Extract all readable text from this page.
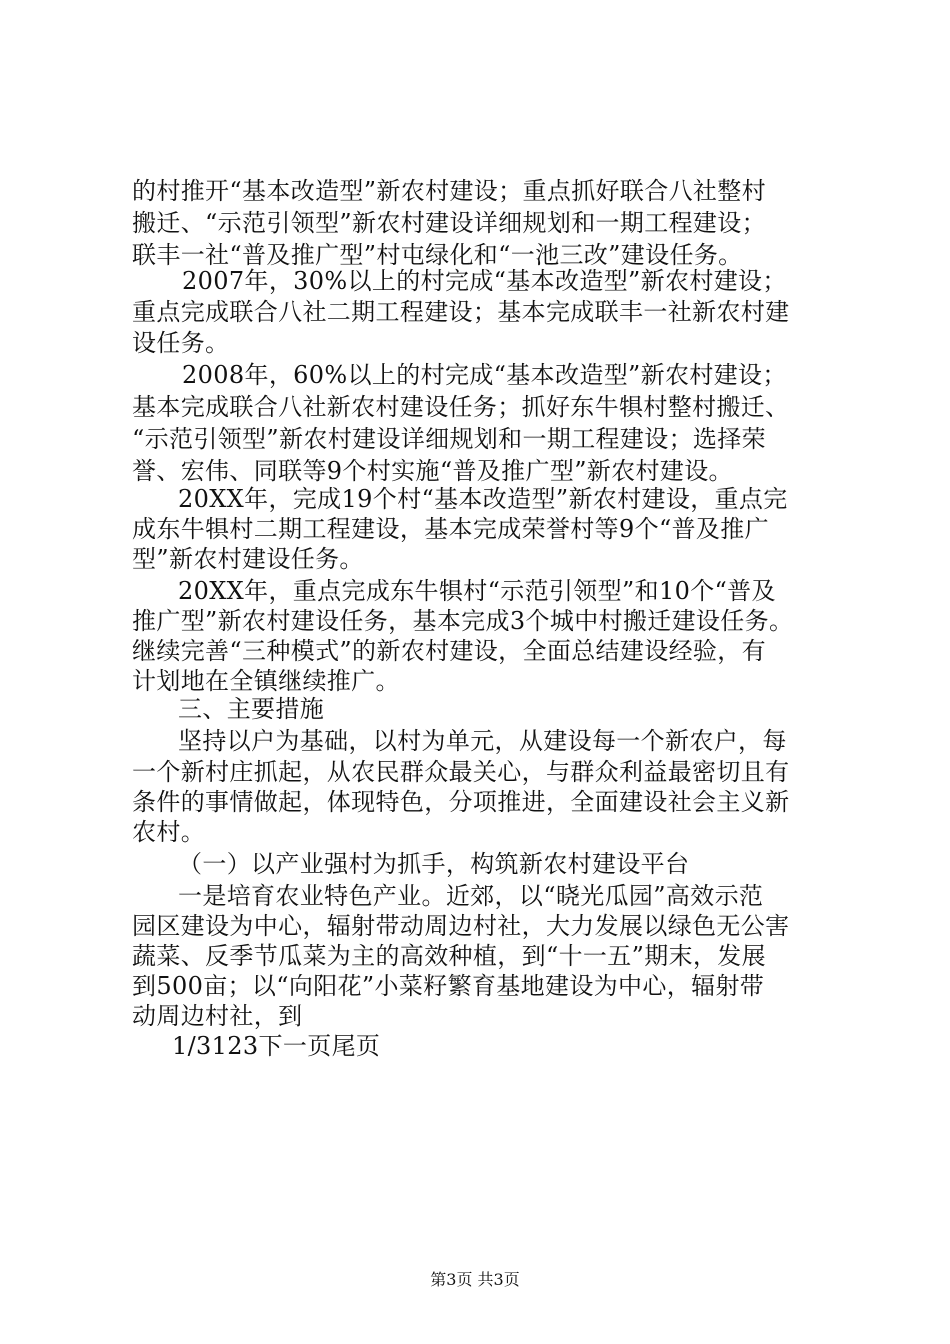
的村推开“基本改造型”新农村建设；重点抓好联合八社整村
搬迁、“示范引领型”新农村建设详细规划和一期工程建设；
联丰一社“普及推广型”村屯绿化和“一池三改”建设任务。
2007年，30%以上的村完成“基本改造型”新农村建设；
重点完成联合八社二期工程建设；基本完成联丰一社新农村建
设任务。
2008年，60%以上的村完成“基本改造型”新农村建设；
基本完成联合八社新农村建设任务；抓好东牛犋村整村搬迁、
“示范引领型”新农村建设详细规划和一期工程建设；选择荣
誉、宏伟、同联等9个村实施“普及推广型”新农村建设。
20XX年，完成19个村“基本改造型”新农村建设，重点完
成东牛犋村二期工程建设，基本完成荣誉村等9个“普及推广
型”新农村建设任务。
20XX年，重点完成东牛犋村“示范引领型”和10个“普及
推广型”新农村建设任务，基本完成3个城中村搬迁建设任务。
继续完善“三种模式”的新农村建设，全面总结建设经验，有
计划地在全镇继续推广。
三、主要措施
坚持以户为基础，以村为单元，从建设每一个新农户，每
一个新村庄抓起，从农民群众最关心，与群众利益最密切且有
条件的事情做起，体现特色，分项推进，全面建设社会主义新
农村。
（一）以产业强村为抓手，构筑新农村建设平台
一是培育农业特色产业。近郊，以“晓光瓜园”高效示范
园区建设为中心，辐射带动周边村社，大力发展以绿色无公害
蔬菜、反季节瓜菜为主的高效种植，到“十一五”期末，发展
到500亩；以“向阳花”小菜籽繁育基地建设为中心，辐射带
动周边村社，到
1/3123下一页尾页
第3页 共3页
